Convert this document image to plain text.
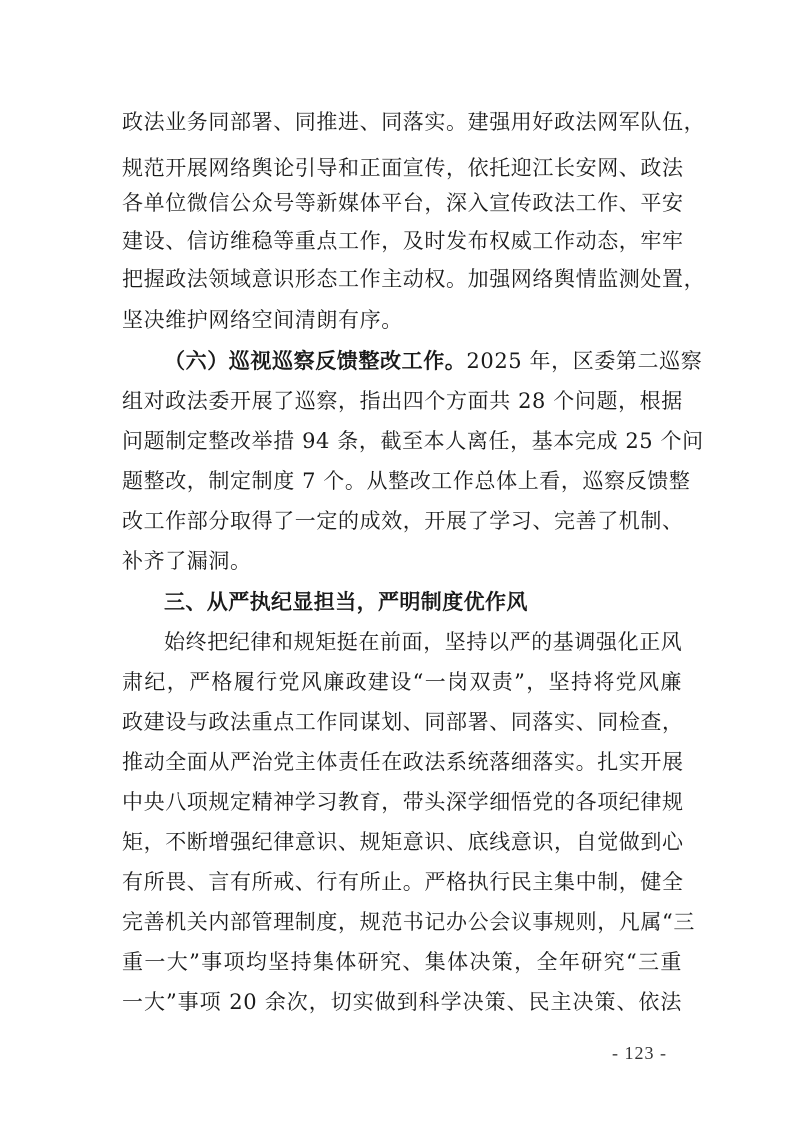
政法业务同部署、同推进、同落实。建强用好政法网军队伍，
规范开展网络舆论引导和正面宣传，依托迎江长安网、政法
各单位微信公众号等新媒体平台，深入宣传政法工作、平安
建设、信访维稳等重点工作，及时发布权威工作动态，牢牢
把握政法领域意识形态工作主动权。加强网络舆情监测处置，
坚决维护网络空间清朗有序。
（六）巡视巡察反馈整改工作。2025 年，区委第二巡察
组对政法委开展了巡察，指出四个方面共 28 个问题，根据
问题制定整改举措 94 条，截至本人离任，基本完成 25 个问
题整改，制定制度 7 个。从整改工作总体上看，巡察反馈整
改工作部分取得了一定的成效，开展了学习、完善了机制、
补齐了漏洞。
三、从严执纪显担当，严明制度优作风
始终把纪律和规矩挺在前面，坚持以严的基调强化正风
肃纪，严格履行党风廉政建设“一岗双责”，坚持将党风廉
政建设与政法重点工作同谋划、同部署、同落实、同检查，
推动全面从严治党主体责任在政法系统落细落实。扎实开展
中央八项规定精神学习教育，带头深学细悟党的各项纪律规
矩，不断增强纪律意识、规矩意识、底线意识，自觉做到心
有所畏、言有所戒、行有所止。严格执行民主集中制，健全
完善机关内部管理制度，规范书记办公会议事规则，凡属“三
重一大”事项均坚持集体研究、集体决策，全年研究“三重
一大”事项 20 余次，切实做到科学决策、民主决策、依法
- 123 -
